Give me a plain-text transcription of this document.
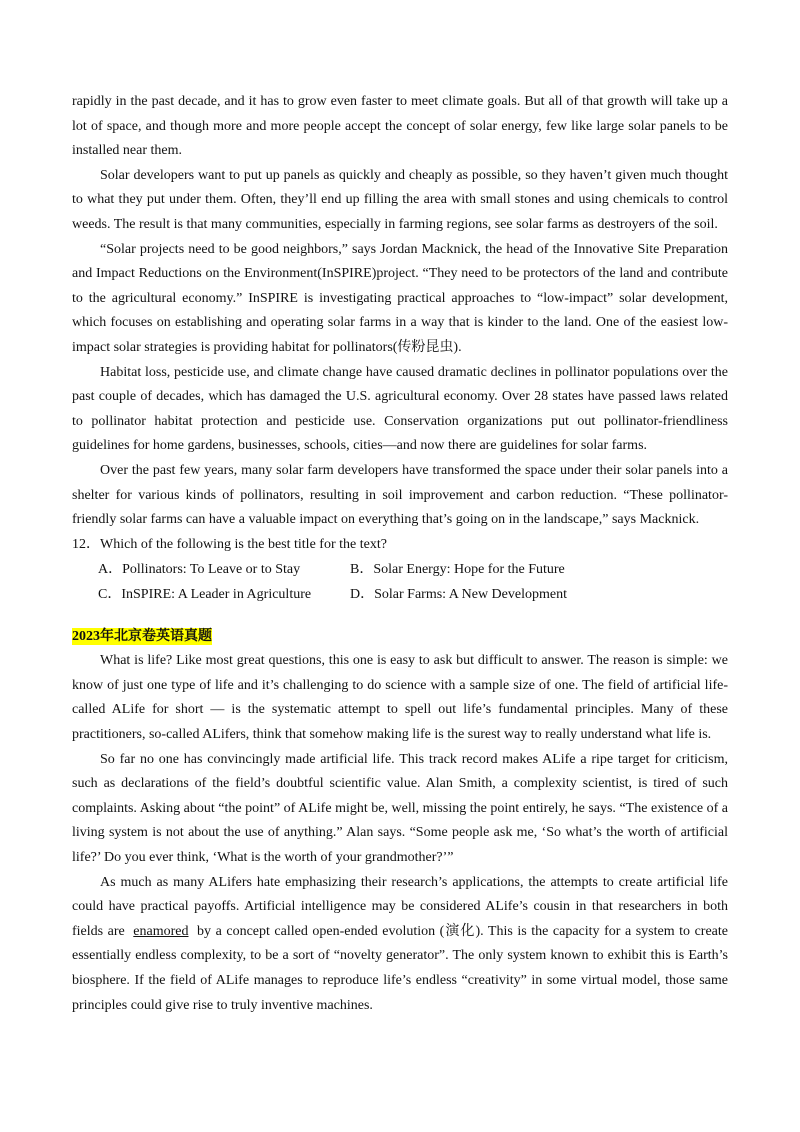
rapidly in the past decade, and it has to grow even faster to meet climate goals. But all of that growth will take up a lot of space, and though more and more people accept the concept of solar energy, few like large solar panels to be installed near them.

Solar developers want to put up panels as quickly and cheaply as possible, so they haven’t given much thought to what they put under them. Often, they’ll end up filling the area with small stones and using chemicals to control weeds. The result is that many communities, especially in farming regions, see solar farms as destroyers of the soil.

“Solar projects need to be good neighbors,” says Jordan Macknick, the head of the Innovative Site Preparation and Impact Reductions on the Environment(InSPIRE)project. “They need to be protectors of the land and contribute to the agricultural economy.” InSPIRE is investigating practical approaches to “low-impact” solar development, which focuses on establishing and operating solar farms in a way that is kinder to the land. One of the easiest low-impact solar strategies is providing habitat for pollinators(传粉昆虫).

Habitat loss, pesticide use, and climate change have caused dramatic declines in pollinator populations over the past couple of decades, which has damaged the U.S. agricultural economy. Over 28 states have passed laws related to pollinator habitat protection and pesticide use. Conservation organizations put out pollinator-friendliness guidelines for home gardens, businesses, schools, cities—and now there are guidelines for solar farms.

Over the past few years, many solar farm developers have transformed the space under their solar panels into a shelter for various kinds of pollinators, resulting in soil improvement and carbon reduction. “These pollinator-friendly solar farms can have a valuable impact on everything that’s going on in the landscape,” says Macknick.

12．Which of the following is the best title for the text?

A．Pollinators: To Leave or to Stay	B．Solar Energy: Hope for the Future
C．InSPIRE: A Leader in Agriculture	D．Solar Farms: A New Development
2023年北京卷英语真题

What is life? Like most great questions, this one is easy to ask but difficult to answer. The reason is simple: we know of just one type of life and it’s challenging to do science with a sample size of one. The field of artificial life-called ALife for short — is the systematic attempt to spell out life’s fundamental principles. Many of these practitioners, so-called ALifers, think that somehow making life is the surest way to really understand what life is.

So far no one has convincingly made artificial life. This track record makes ALife a ripe target for criticism, such as declarations of the field’s doubtful scientific value. Alan Smith, a complexity scientist, is tired of such complaints. Asking about “the point” of ALife might be, well, missing the point entirely, he says. “The existence of a living system is not about the use of anything.” Alan says. “Some people ask me, ‘So what’s the worth of artificial life?’ Do you ever think, ‘What is the worth of your grandmother?’”

As much as many ALifers hate emphasizing their research’s applications, the attempts to create artificial life could have practical payoffs. Artificial intelligence may be considered ALife’s cousin in that researchers in both fields are enamored by a concept called open-ended evolution (演化). This is the capacity for a system to create essentially endless complexity, to be a sort of “novelty generator”. The only system known to exhibit this is Earth’s biosphere. If the field of ALife manages to reproduce life’s endless “creativity” in some virtual model, those same principles could give rise to truly inventive machines.
